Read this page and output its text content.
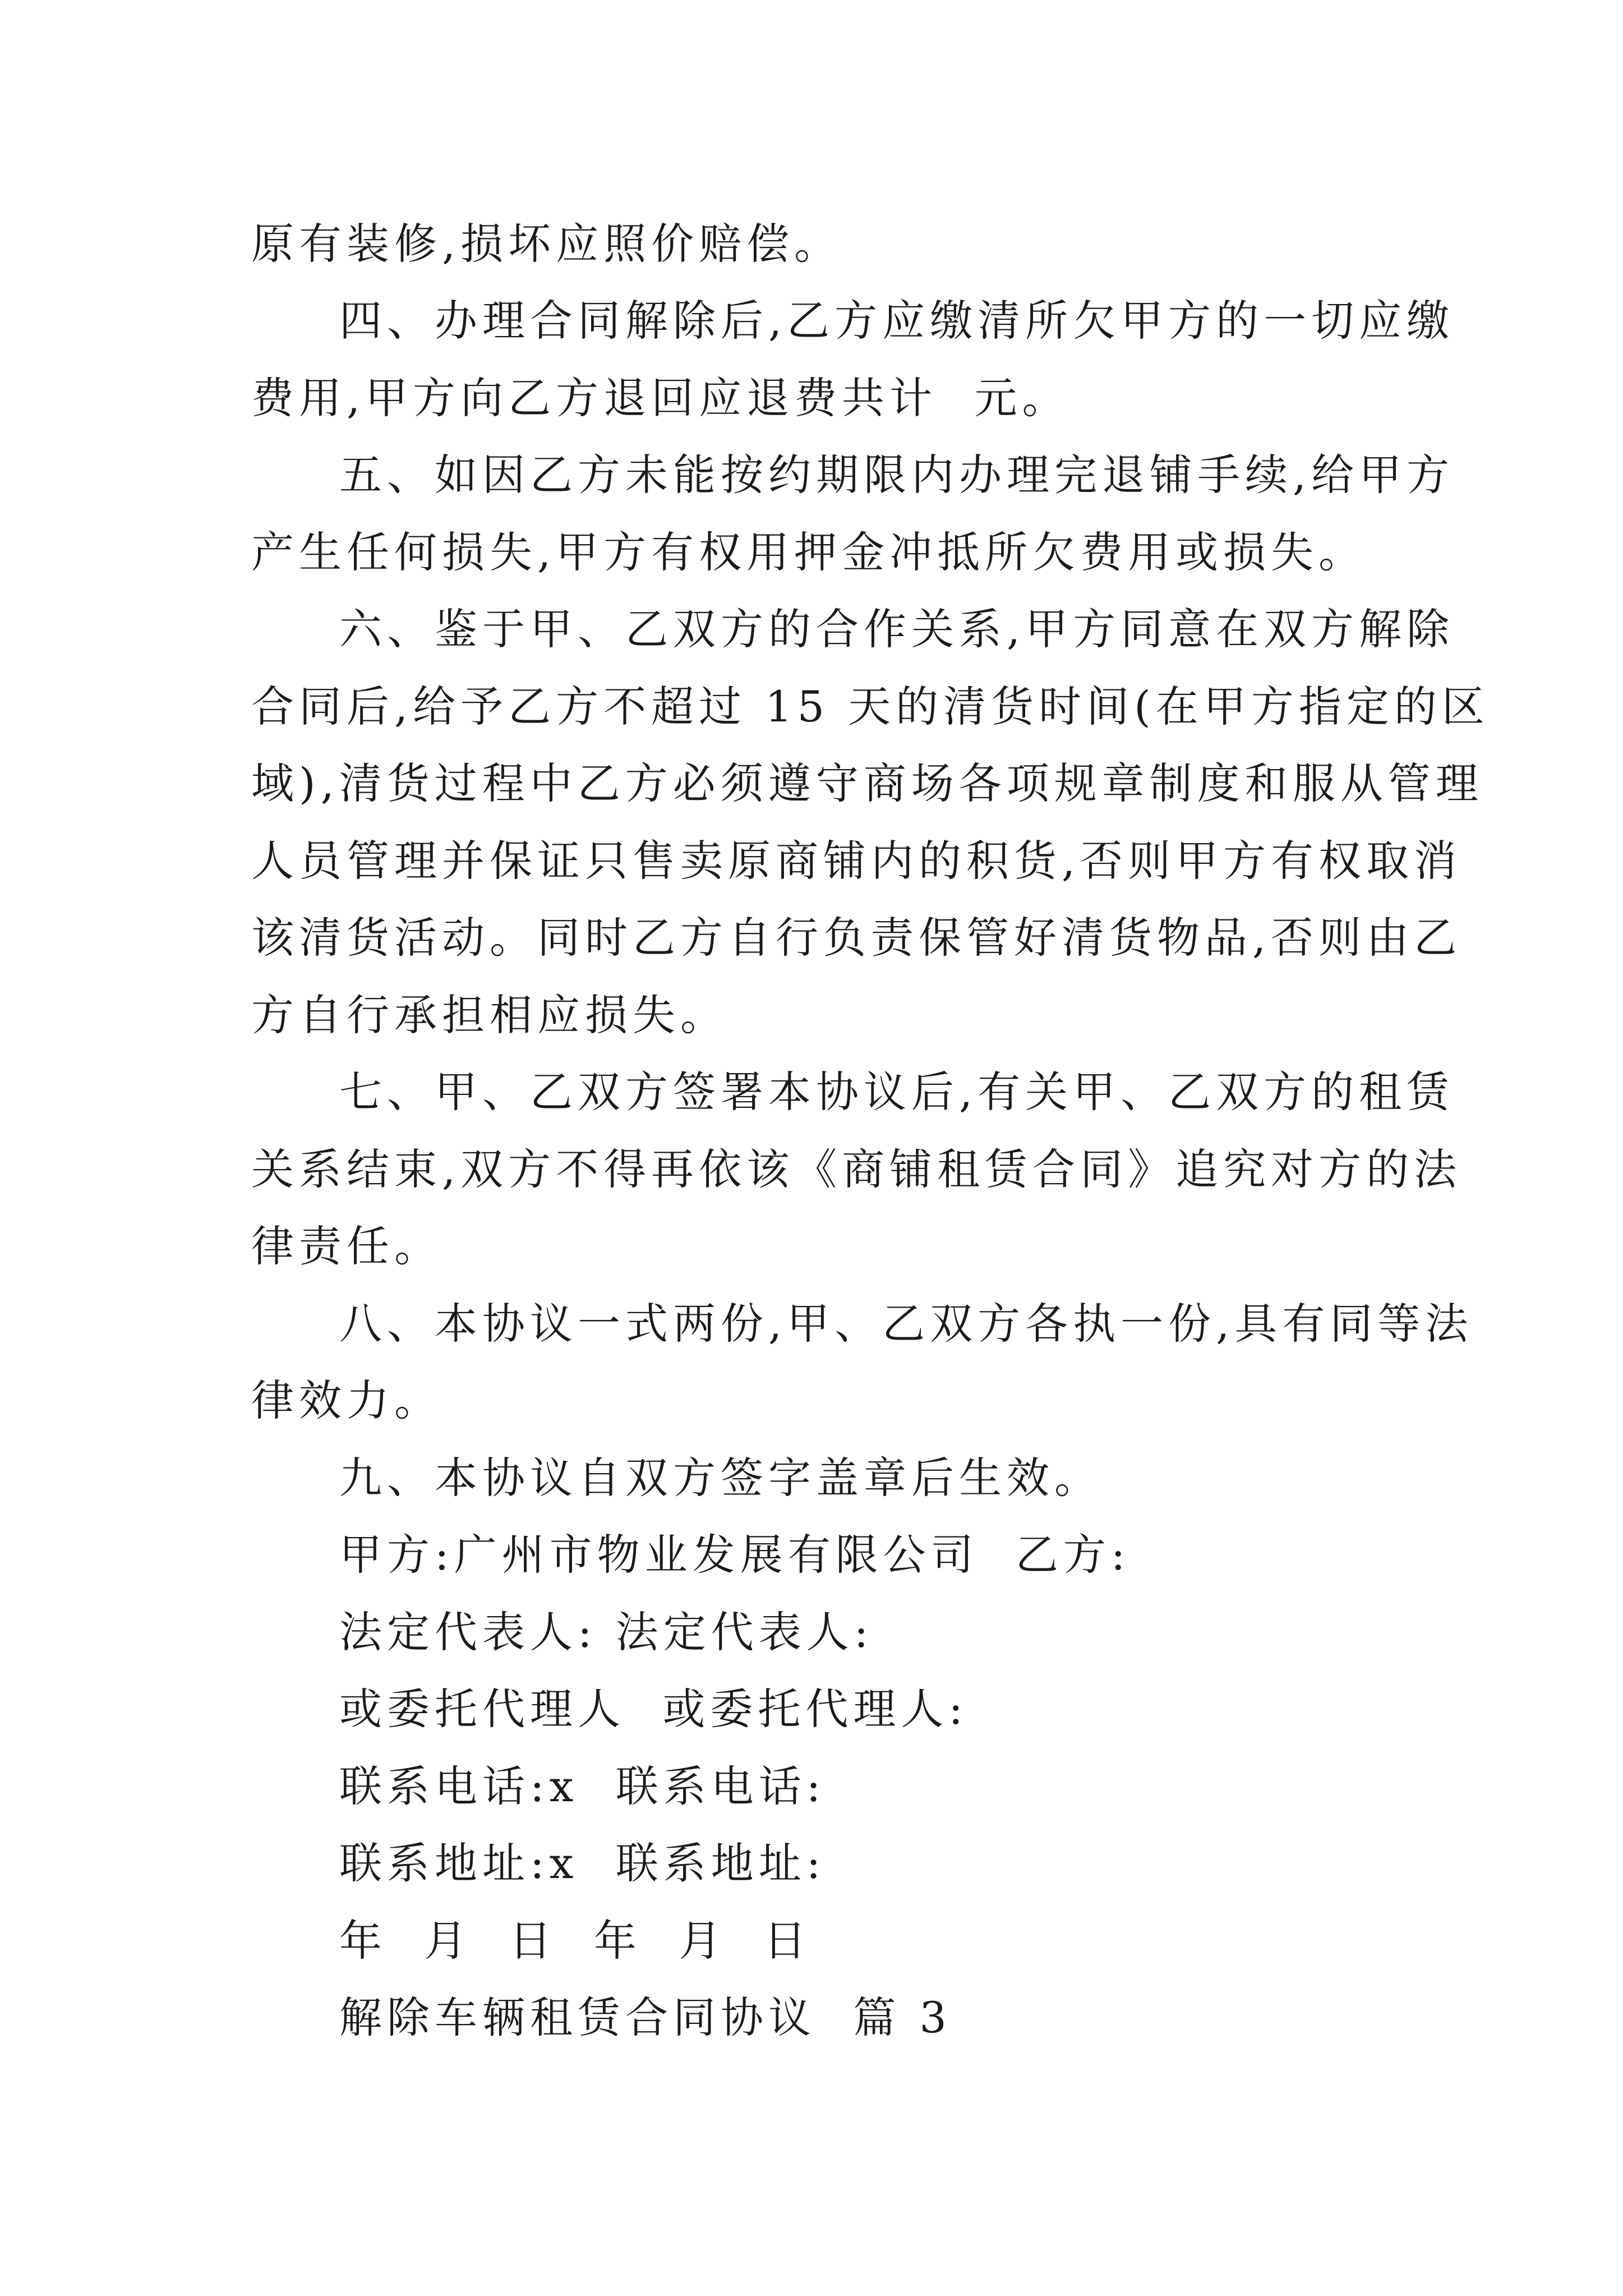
原有装修,损坏应照价赔偿。
四、办理合同解除后,乙方应缴清所欠甲方的一切应缴
费用,甲方向乙方退回应退费共计  元。
五、如因乙方未能按约期限内办理完退铺手续,给甲方
产生任何损失,甲方有权用押金冲抵所欠费用或损失。
六、鉴于甲、乙双方的合作关系,甲方同意在双方解除
合同后,给予乙方不超过 15 天的清货时间(在甲方指定的区
域),清货过程中乙方必须遵守商场各项规章制度和服从管理
人员管理并保证只售卖原商铺内的积货,否则甲方有权取消
该清货活动。同时乙方自行负责保管好清货物品,否则由乙
方自行承担相应损失。
七、甲、乙双方签署本协议后,有关甲、乙双方的租赁
关系结束,双方不得再依该《商铺租赁合同》追究对方的法
律责任。
八、本协议一式两份,甲、乙双方各执一份,具有同等法
律效力。
九、本协议自双方签字盖章后生效。
甲方:广州市物业发展有限公司  乙方:
法定代表人: 法定代表人:
或委托代理人  或委托代理人:
联系电话:x  联系电话:
联系地址:x  联系地址:
年  月  日  年  月  日
解除车辆租赁合同协议  篇 3
